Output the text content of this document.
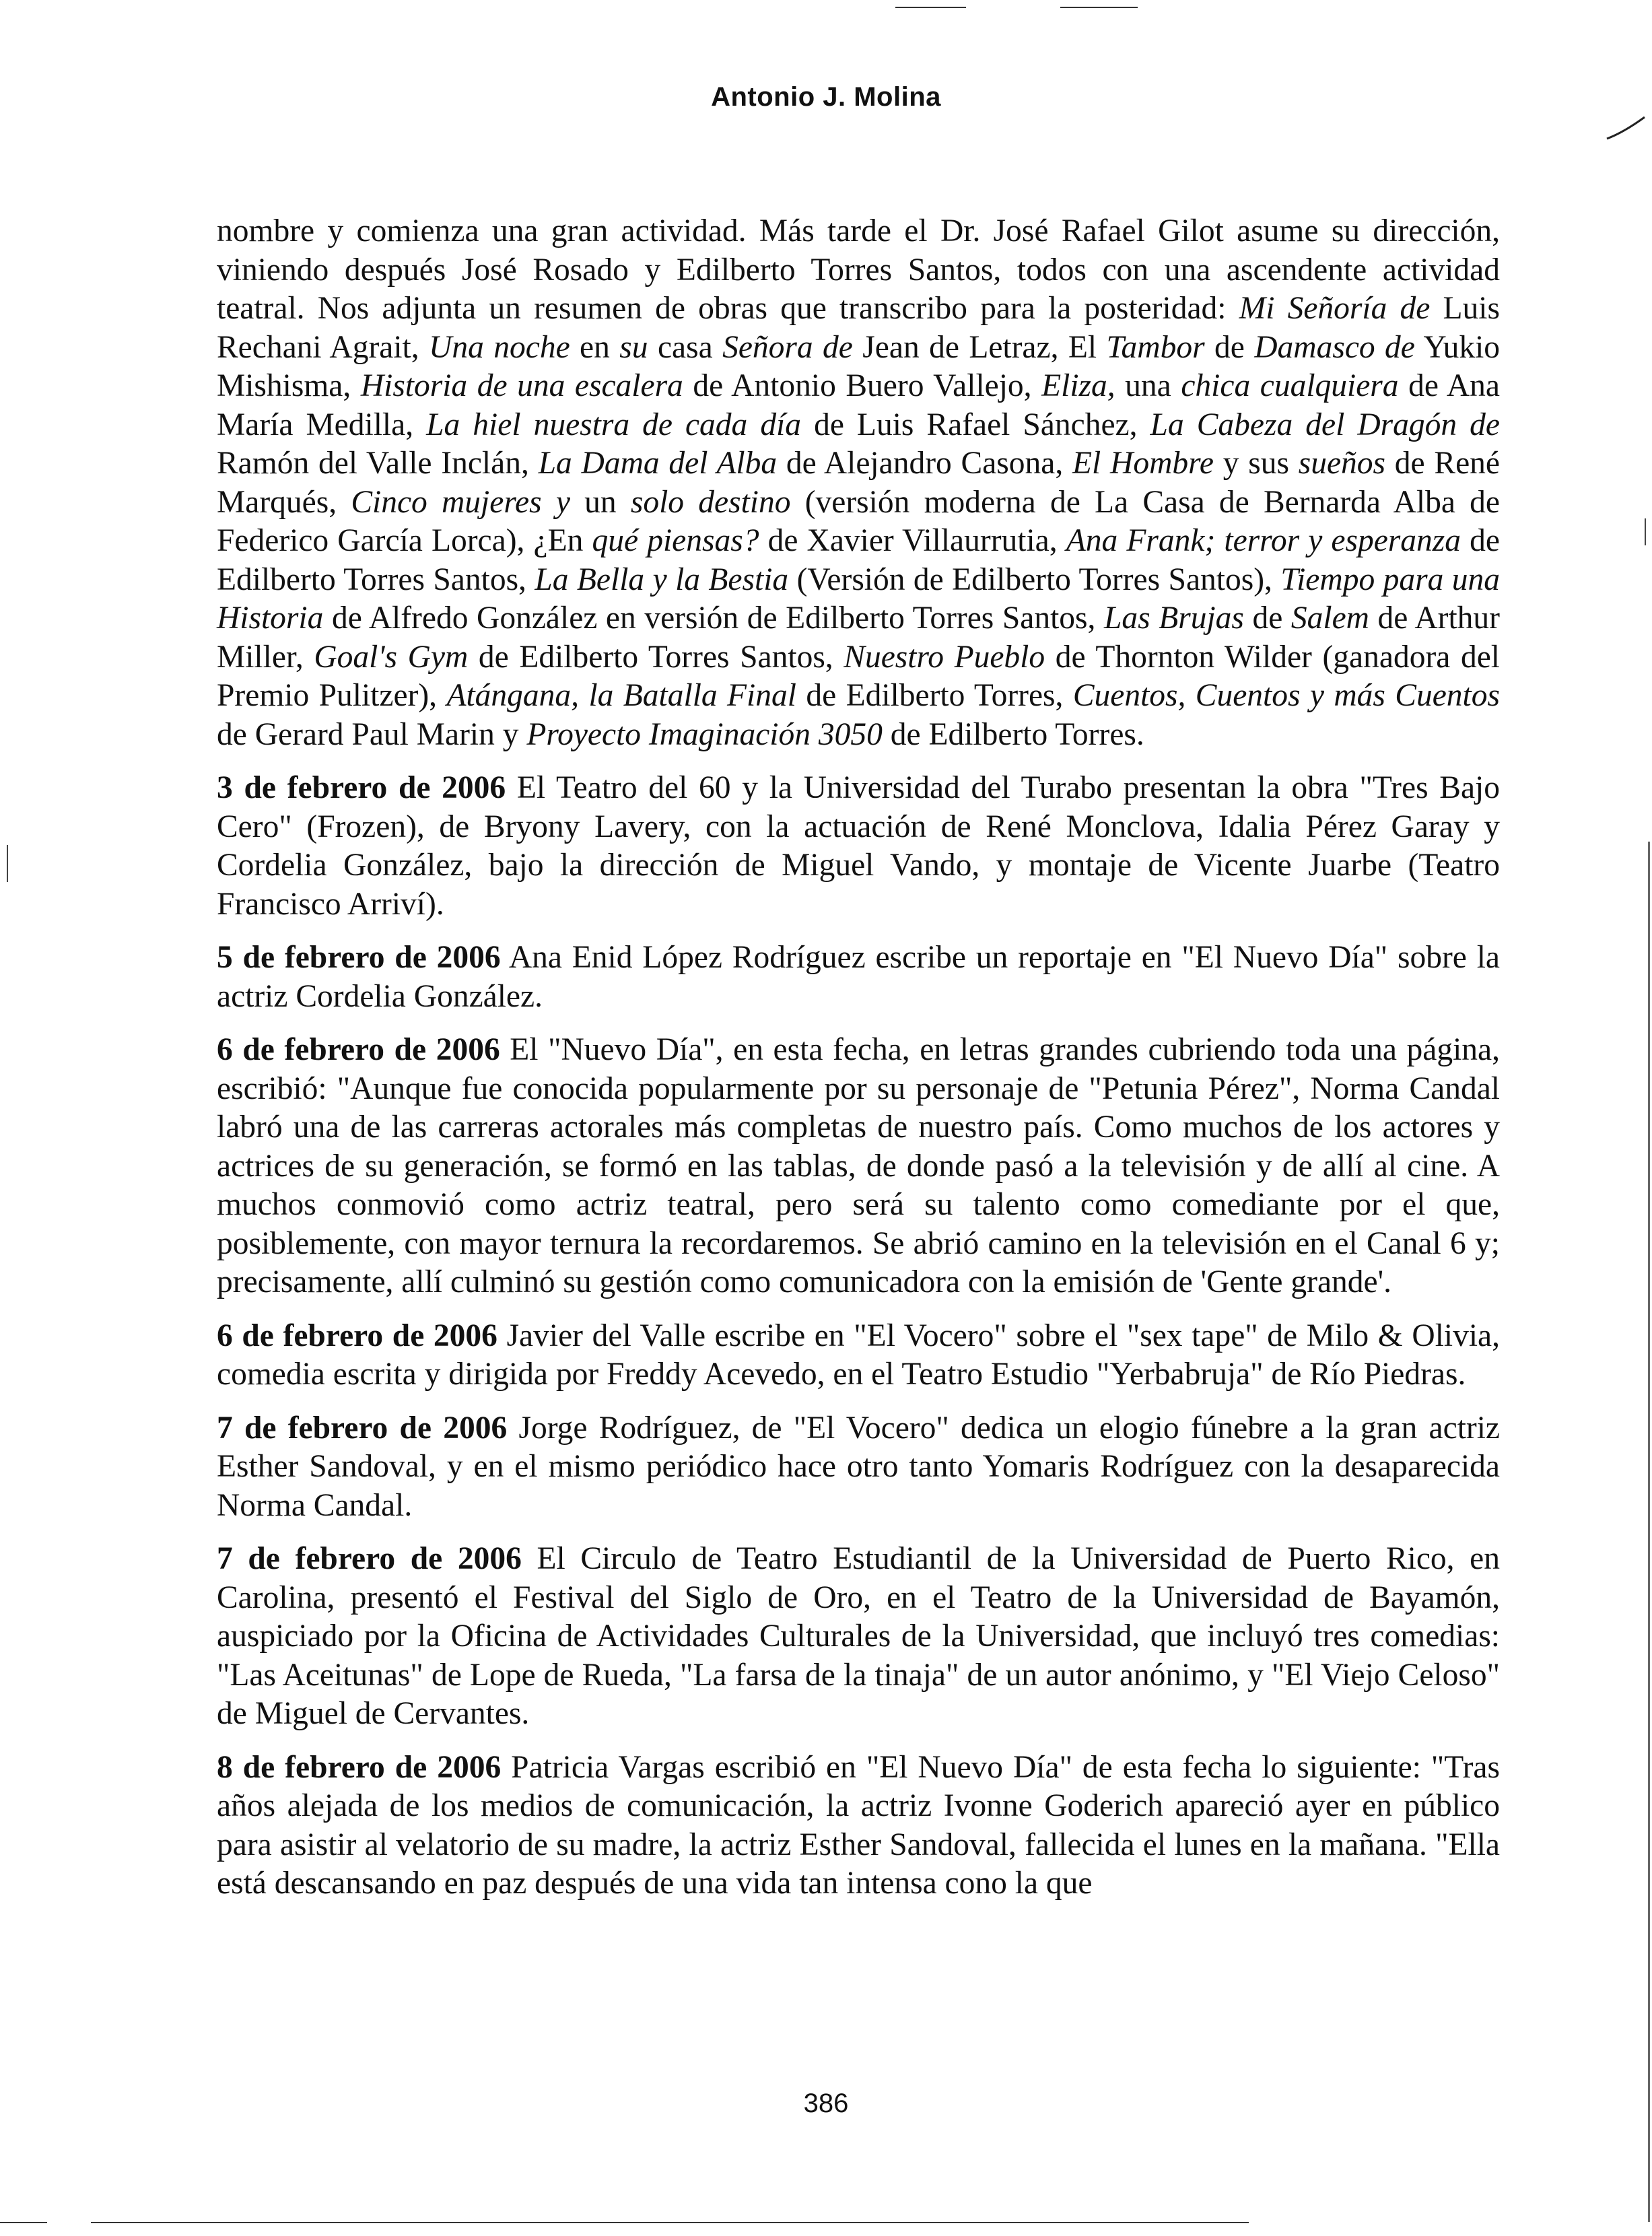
Antonio J. Molina

nombre y comienza una gran actividad. Más tarde el Dr. José Rafael Gilot asume su dirección, viniendo después José Rosado y Edilberto Torres Santos, todos con una ascendente actividad teatral. Nos adjunta un resumen de obras que transcribo para la posteridad: Mi Señoría de Luis Rechani Agrait, Una noche en su casa Señora de Jean de Letraz, El Tambor de Damasco de Yukio Mishisma, Historia de una escalera de Antonio Buero Vallejo, Eliza, una chica cualquiera de Ana María Medilla, La hiel nuestra de cada día de Luis Rafael Sánchez, La Cabeza del Dragón de Ramón del Valle Inclán, La Dama del Alba de Alejandro Casona, El Hombre y sus sueños de René Marqués, Cinco mujeres y un solo destino (versión moderna de La Casa de Bernarda Alba de Federico García Lorca), ¿En qué piensas? de Xavier Villaurrutia, Ana Frank; terror y esperanza de Edilberto Torres Santos, La Bella y la Bestia (Versión de Edilberto Torres Santos), Tiempo para una Historia de Alfredo González en versión de Edilberto Torres Santos, Las Brujas de Salem de Arthur Miller, Goal's Gym de Edilberto Torres Santos, Nuestro Pueblo de Thornton Wilder (ganadora del Premio Pulitzer), Atángana, la Batalla Final de Edilberto Torres, Cuentos, Cuentos y más Cuentos de Gerard Paul Marin y Proyecto Imaginación 3050 de Edilberto Torres.

3 de febrero de 2006 El Teatro del 60 y la Universidad del Turabo presentan la obra "Tres Bajo Cero" (Frozen), de Bryony Lavery, con la actuación de René Monclova, Idalia Pérez Garay y Cordelia González, bajo la dirección de Miguel Vando, y montaje de Vicente Juarbe (Teatro Francisco Arriví).

5 de febrero de 2006 Ana Enid López Rodríguez escribe un reportaje en "El Nuevo Día" sobre la actriz Cordelia González.

6 de febrero de 2006 El "Nuevo Día", en esta fecha, en letras grandes cubriendo toda una página, escribió: "Aunque fue conocida popularmente por su personaje de "Petunia Pérez", Norma Candal labró una de las carreras actorales más completas de nuestro país. Como muchos de los actores y actrices de su generación, se formó en las tablas, de donde pasó a la televisión y de allí al cine. A muchos conmovió como actriz teatral, pero será su talento como comediante por el que, posiblemente, con mayor ternura la recordaremos. Se abrió camino en la televisión en el Canal 6 y; precisamente, allí culminó su gestión como comunicadora con la emisión de 'Gente grande'.

6 de febrero de 2006 Javier del Valle escribe en "El Vocero" sobre el "sex tape" de Milo & Olivia, comedia escrita y dirigida por Freddy Acevedo, en el Teatro Estudio "Yerbabruja" de Río Piedras.

7 de febrero de 2006 Jorge Rodríguez, de "El Vocero" dedica un elogio fúnebre a la gran actriz Esther Sandoval, y en el mismo periódico hace otro tanto Yomaris Rodríguez con la desaparecida Norma Candal.

7 de febrero de 2006 El Circulo de Teatro Estudiantil de la Universidad de Puerto Rico, en Carolina, presentó el Festival del Siglo de Oro, en el Teatro de la Universidad de Bayamón, auspiciado por la Oficina de Actividades Culturales de la Universidad, que incluyó tres comedias: "Las Aceitunas" de Lope de Rueda, "La farsa de la tinaja" de un autor anónimo, y "El Viejo Celoso" de Miguel de Cervantes.

8 de febrero de 2006 Patricia Vargas escribió en "El Nuevo Día" de esta fecha lo siguiente: "Tras años alejada de los medios de comunicación, la actriz Ivonne Goderich apareció ayer en público para asistir al velatorio de su madre, la actriz Esther Sandoval, fallecida el lunes en la mañana. "Ella está descansando en paz después de una vida tan intensa cono la que

386
